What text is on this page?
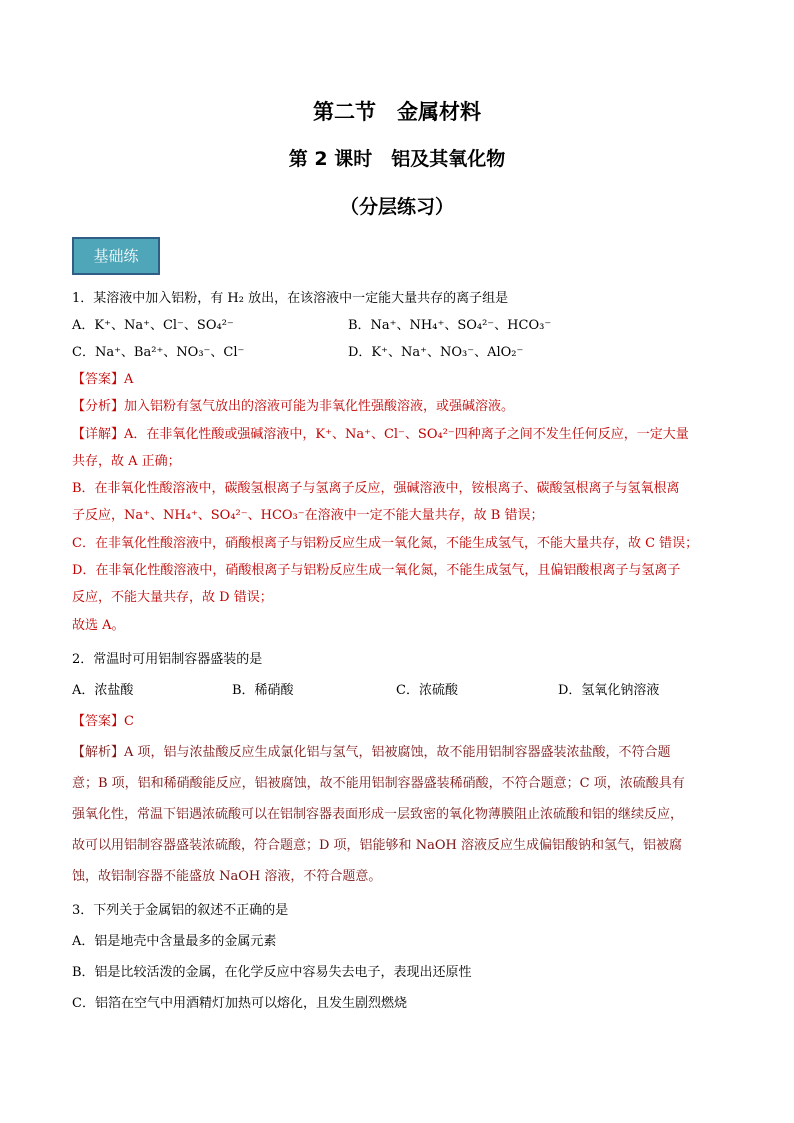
第二节　金属材料
第 2 课时　铝及其氧化物
（分层练习）
基础练
1．某溶液中加入铝粉，有 H₂ 放出，在该溶液中一定能大量共存的离子组是
A．K⁺、Na⁺、Cl⁻、SO₄²⁻	B．Na⁺、NH₄⁺、SO₄²⁻、HCO₃⁻
C．Na⁺、Ba²⁺、NO₃⁻、Cl⁻	D．K⁺、Na⁺、NO₃⁻、AlO₂⁻
【答案】A
【分析】加入铝粉有氢气放出的溶液可能为非氧化性强酸溶液，或强碱溶液。
【详解】A．在非氧化性酸或强碱溶液中，K⁺、Na⁺、Cl⁻、SO₄²⁻四种离子之间不发生任何反应，一定大量
共存，故 A 正确；
B．在非氧化性酸溶液中，碳酸氢根离子与氢离子反应，强碱溶液中，铵根离子、碳酸氢根离子与氢氧根离
子反应，Na⁺、NH₄⁺、SO₄²⁻、HCO₃⁻在溶液中一定不能大量共存，故 B 错误；
C．在非氧化性酸溶液中，硝酸根离子与铝粉反应生成一氧化氮，不能生成氢气，不能大量共存，故 C 错误；
D．在非氧化性酸溶液中，硝酸根离子与铝粉反应生成一氧化氮，不能生成氢气，且偏铝酸根离子与氢离子
反应，不能大量共存，故 D 错误；
故选 A。
2．常温时可用铝制容器盛装的是
A．浓盐酸	B．稀硝酸	C．浓硫酸	D．氢氧化钠溶液
【答案】C
【解析】A 项，铝与浓盐酸反应生成氯化铝与氢气，铝被腐蚀，故不能用铝制容器盛装浓盐酸，不符合题
意；B 项，铝和稀硝酸能反应，铝被腐蚀，故不能用铝制容器盛装稀硝酸，不符合题意；C 项，浓硫酸具有
强氧化性，常温下铝遇浓硫酸可以在铝制容器表面形成一层致密的氧化物薄膜阻止浓硫酸和铝的继续反应，
故可以用铝制容器盛装浓硫酸，符合题意；D 项，铝能够和 NaOH 溶液反应生成偏铝酸钠和氢气，铝被腐
蚀，故铝制容器不能盛放 NaOH 溶液，不符合题意。
3．下列关于金属铝的叙述不正确的是
A．铝是地壳中含量最多的金属元素
B．铝是比较活泼的金属，在化学反应中容易失去电子，表现出还原性
C．铝箔在空气中用酒精灯加热可以熔化，且发生剧烈燃烧
